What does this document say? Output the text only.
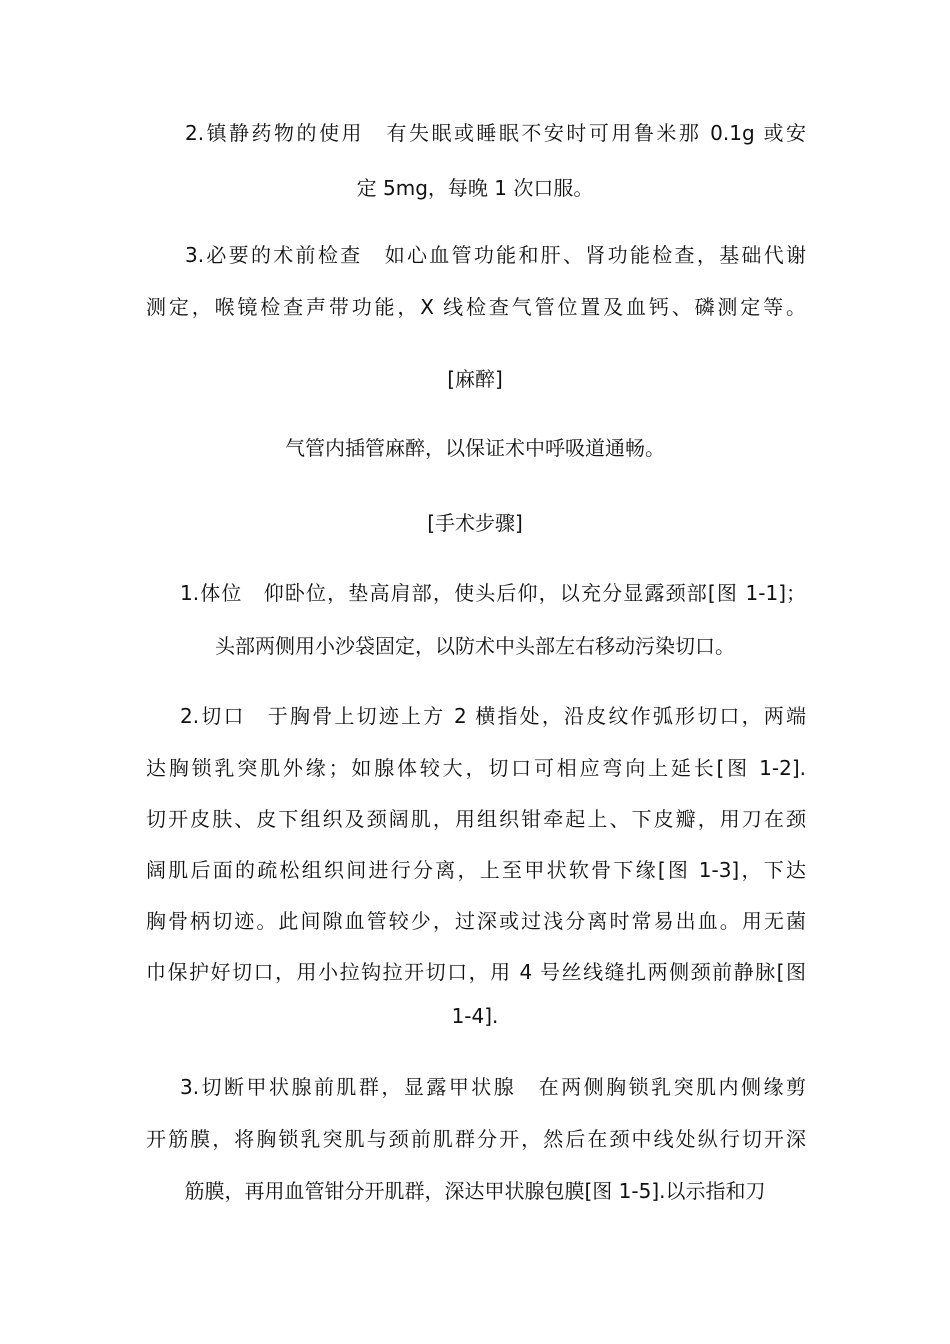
2.镇静药物的使用　有失眠或睡眠不安时可用鲁米那 0.1g 或安
定 5mg，每晚 1 次口服。
3.必要的术前检查　如心血管功能和肝、肾功能检查，基础代谢
测定，喉镜检查声带功能，X 线检查气管位置及血钙、磷测定等。
[麻醉]
气管内插管麻醉，以保证术中呼吸道通畅。
[手术步骤]
1.体位　仰卧位，垫高肩部，使头后仰，以充分显露颈部[图 1-1]；
头部两侧用小沙袋固定，以防术中头部左右移动污染切口。
2.切口　于胸骨上切迹上方 2 横指处，沿皮纹作弧形切口，两端
达胸锁乳突肌外缘；如腺体较大，切口可相应弯向上延长[图 1-2].
切开皮肤、皮下组织及颈阔肌，用组织钳牵起上、下皮瓣，用刀在颈
阔肌后面的疏松组织间进行分离，上至甲状软骨下缘[图 1-3]，下达
胸骨柄切迹。此间隙血管较少，过深或过浅分离时常易出血。用无菌
巾保护好切口，用小拉钩拉开切口，用 4 号丝线缝扎两侧颈前静脉[图
1-4].
3.切断甲状腺前肌群，显露甲状腺　在两侧胸锁乳突肌内侧缘剪
开筋膜，将胸锁乳突肌与颈前肌群分开，然后在颈中线处纵行切开深
筋膜，再用血管钳分开肌群，深达甲状腺包膜[图 1-5].以示指和刀
